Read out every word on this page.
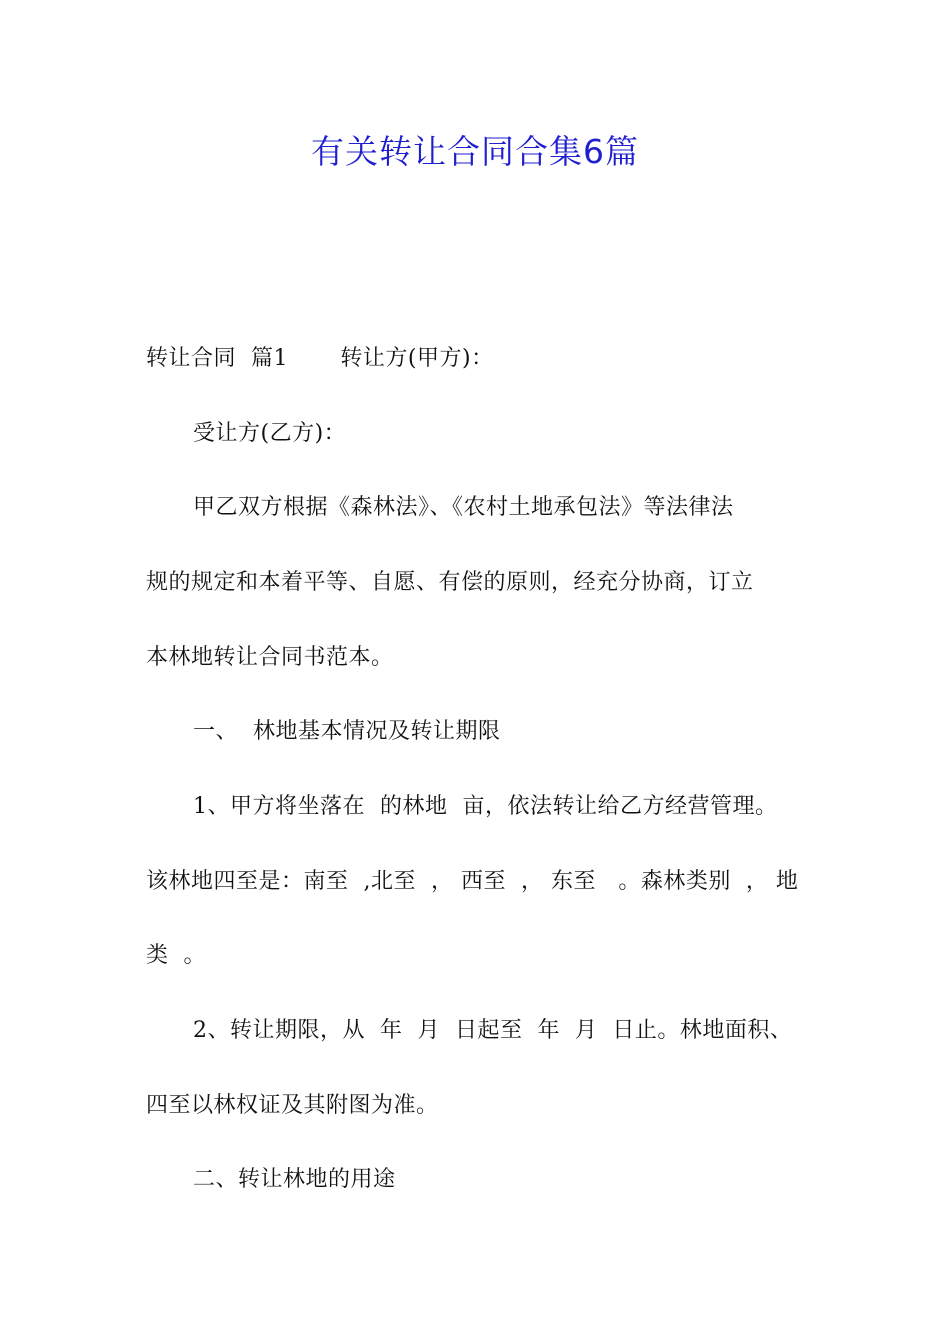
有关转让合同合集6篇
转让合同  篇1       转让方(甲方)：
受让方(乙方)：
甲乙双方根据《森林法》、《农村土地承包法》等法律法
规的规定和本着平等、自愿、有偿的原则，经充分协商，订立
本林地转让合同书范本。
一、  林地基本情况及转让期限
1、甲方将坐落在  的林地  亩，依法转让给乙方经营管理。
该林地四至是：南至  ,北至  ， 西至  ， 东至   。森林类别  ， 地
类  。
2、转让期限，从  年  月  日起至  年  月  日止。林地面积、
四至以林权证及其附图为准。
二、转让林地的用途
